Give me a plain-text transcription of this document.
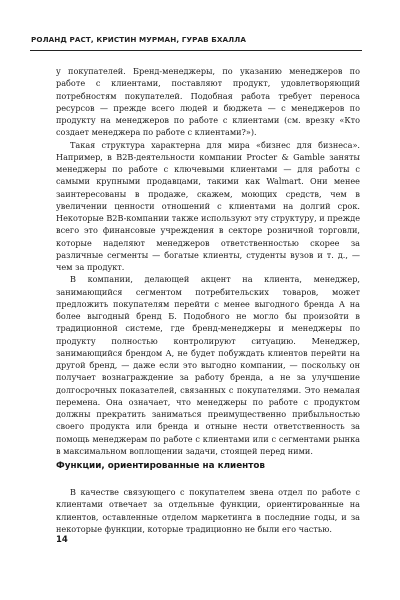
РОЛАНД РАСТ, КРИСТИН МУРМАН, ГУРАВ БХАЛЛА

у покупателей. Бренд-менеджеры, по указанию менеджеров по работе с клиентами, поставляют продукт, удовлетворяющий потребностям покупателей. Подобная работа требует переноса ресурсов — прежде всего людей и бюджета — с менеджеров по продукту на менеджеров по работе с клиентами (см. врезку «Кто создает менеджера по работе с клиентами?»).

Такая структура характерна для мира «бизнес для бизнеса». Например, в B2B-деятельности компании Procter & Gamble заняты менеджеры по работе с ключевыми клиентами — для работы с самыми крупными продавцами, такими как Walmart. Они менее заинтересованы в продаже, скажем, моющих средств, чем в увеличении ценности отношений с клиентами на долгий срок. Некоторые B2B-компании также используют эту структуру, и прежде всего это финансовые учреждения в секторе розничной торговли, которые наделяют менеджеров ответственностью скорее за различные сегменты — богатые клиенты, студенты вузов и т. д., — чем за продукт.

В компании, делающей акцент на клиента, менеджер, занимающийся сегментом потребительских товаров, может предложить покупателям перейти с менее выгодного бренда А на более выгодный бренд Б. Подобного не могло бы произойти в традиционной системе, где бренд-менеджеры и менеджеры по продукту полностью контролируют ситуацию. Менеджер, занимающийся брендом А, не будет побуждать клиентов перейти на другой бренд, — даже если это выгодно компании, — поскольку он получает вознаграждение за работу бренда, а не за улучшение долгосрочных показателей, связанных с покупателями. Это немалая перемена. Она означает, что менеджеры по работе с продуктом должны прекратить заниматься преимущественно прибыльностью своего продукта или бренда и отныне нести ответственность за помощь менеджерам по работе с клиентами или с сегментами рынка в максимальном воплощении задачи, стоящей перед ними.

Функции, ориентированные на клиентов

В качестве связующего с покупателем звена отдел по работе с клиентами отвечает за отдельные функции, ориентированные на клиентов, оставленные отделом маркетинга в последние годы, и за некоторые функции, которые традиционно не были его частью.

14
